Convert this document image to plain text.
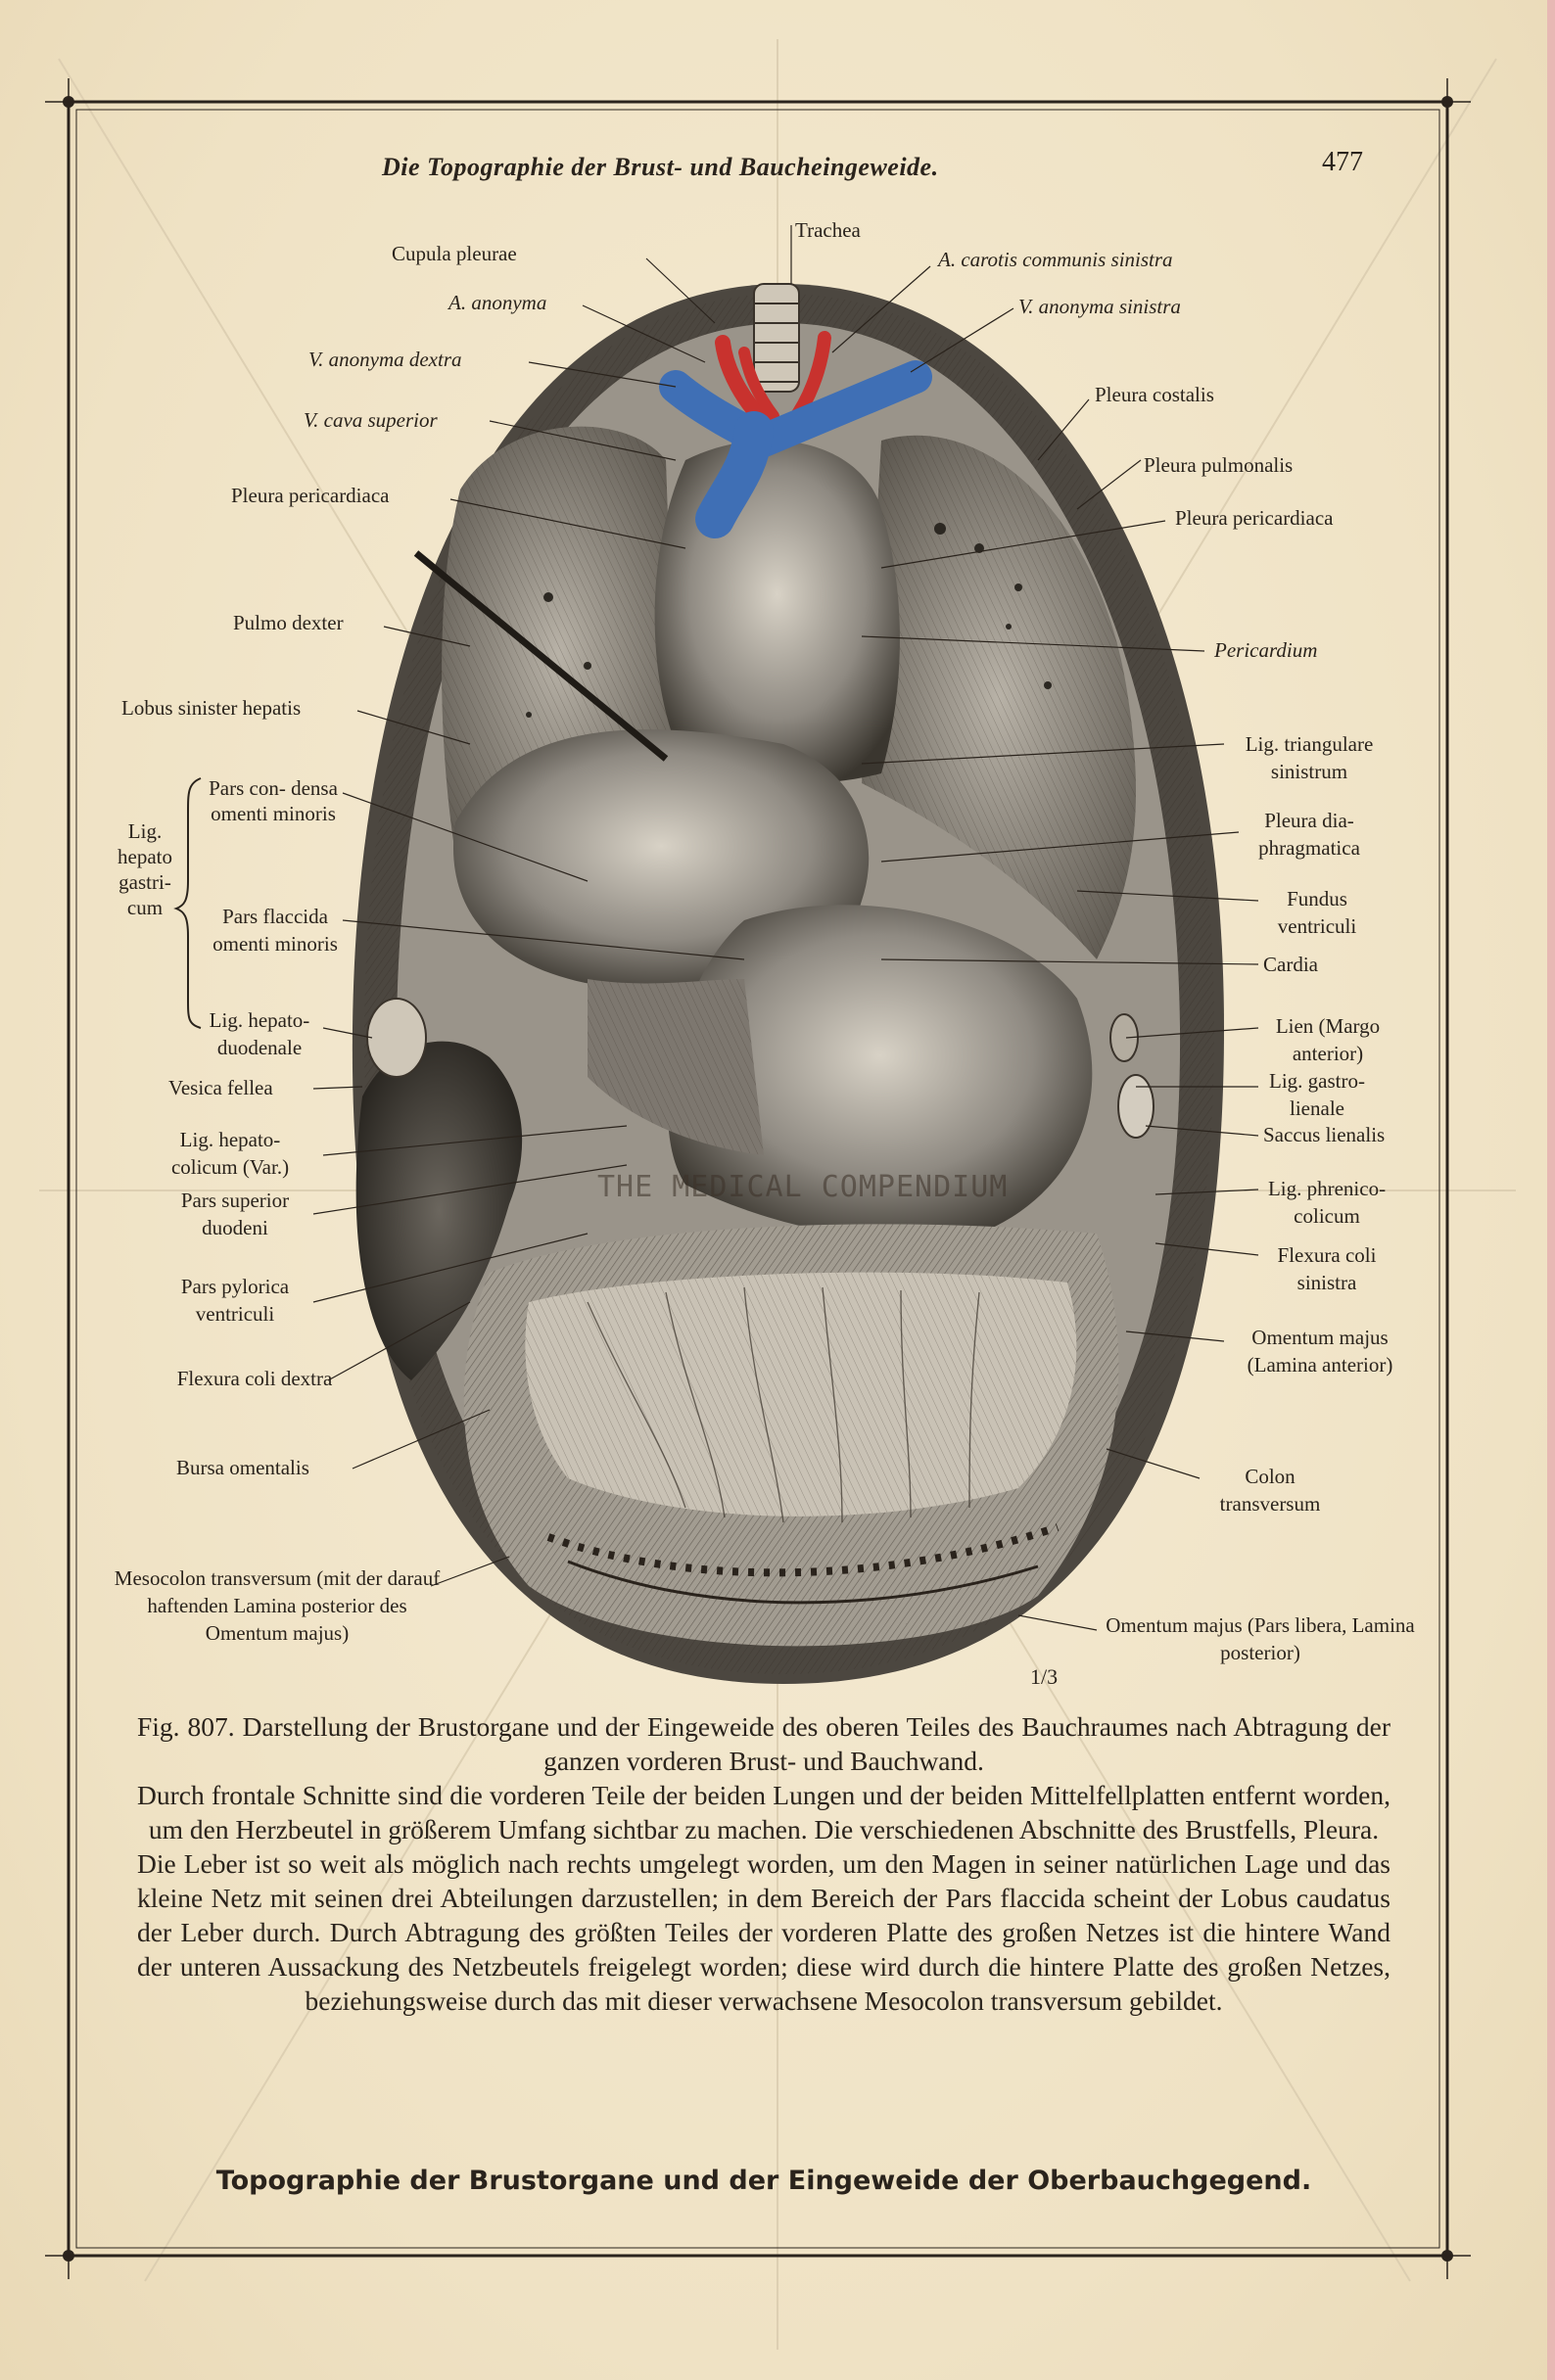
Die Topographie der Brust- und Baucheingeweide.	477
Cupula pleurae
A. anonyma
V. anonyma dextra
V. cava superior
Pleura pericardiaca
Pulmo dexter
Lobus sinister hepatis
Lig. hepato gastri- cum
Pars con- densa omenti minoris
Pars flaccida omenti minoris
Lig. hepato- duodenale
Vesica fellea
Lig. hepato- colicum (Var.)
Pars superior duodeni
Pars pylorica ventriculi
Flexura coli dextra
Bursa omentalis
Mesocolon transversum (mit der darauf haftenden Lamina posterior des Omentum majus)
Trachea
A. carotis communis sinistra
V. anonyma sinistra
Pleura costalis
Pleura pulmonalis
Pleura pericardiaca
Pericardium
Lig. triangulare sinistrum
Pleura dia- phragmatica
Fundus ventriculi
Cardia
Lien (Margo anterior)
Lig. gastro- lienale
Saccus lienalis
Lig. phrenico- colicum
Flexura coli sinistra
Omentum majus (Lamina anterior)
Colon transversum
Omentum majus (Pars libera, Lamina posterior)
THE MEDICAL COMPENDIUM
1/3

Fig. 807. Darstellung der Brustorgane und der Eingeweide des oberen Teiles des Bauchraumes nach Abtragung der ganzen vorderen Brust- und Bauchwand.

Durch frontale Schnitte sind die vorderen Teile der beiden Lungen und der beiden Mittelfellplatten entfernt worden, um den Herzbeutel in größerem Umfang sichtbar zu machen. Die verschiedenen Abschnitte des Brustfells, Pleura.

Die Leber ist so weit als möglich nach rechts umgelegt worden, um den Magen in seiner natürlichen Lage und das kleine Netz mit seinen drei Abteilungen darzustellen; in dem Bereich der Pars flaccida scheint der Lobus caudatus der Leber durch. Durch Abtragung des größten Teiles der vorderen Platte des großen Netzes ist die hintere Wand der unteren Aussackung des Netzbeutels freigelegt worden; diese wird durch die hintere Platte des großen Netzes, beziehungsweise durch das mit dieser verwachsene Mesocolon transversum gebildet.

Topographie der Brustorgane und der Eingeweide der Oberbauchgegend.
